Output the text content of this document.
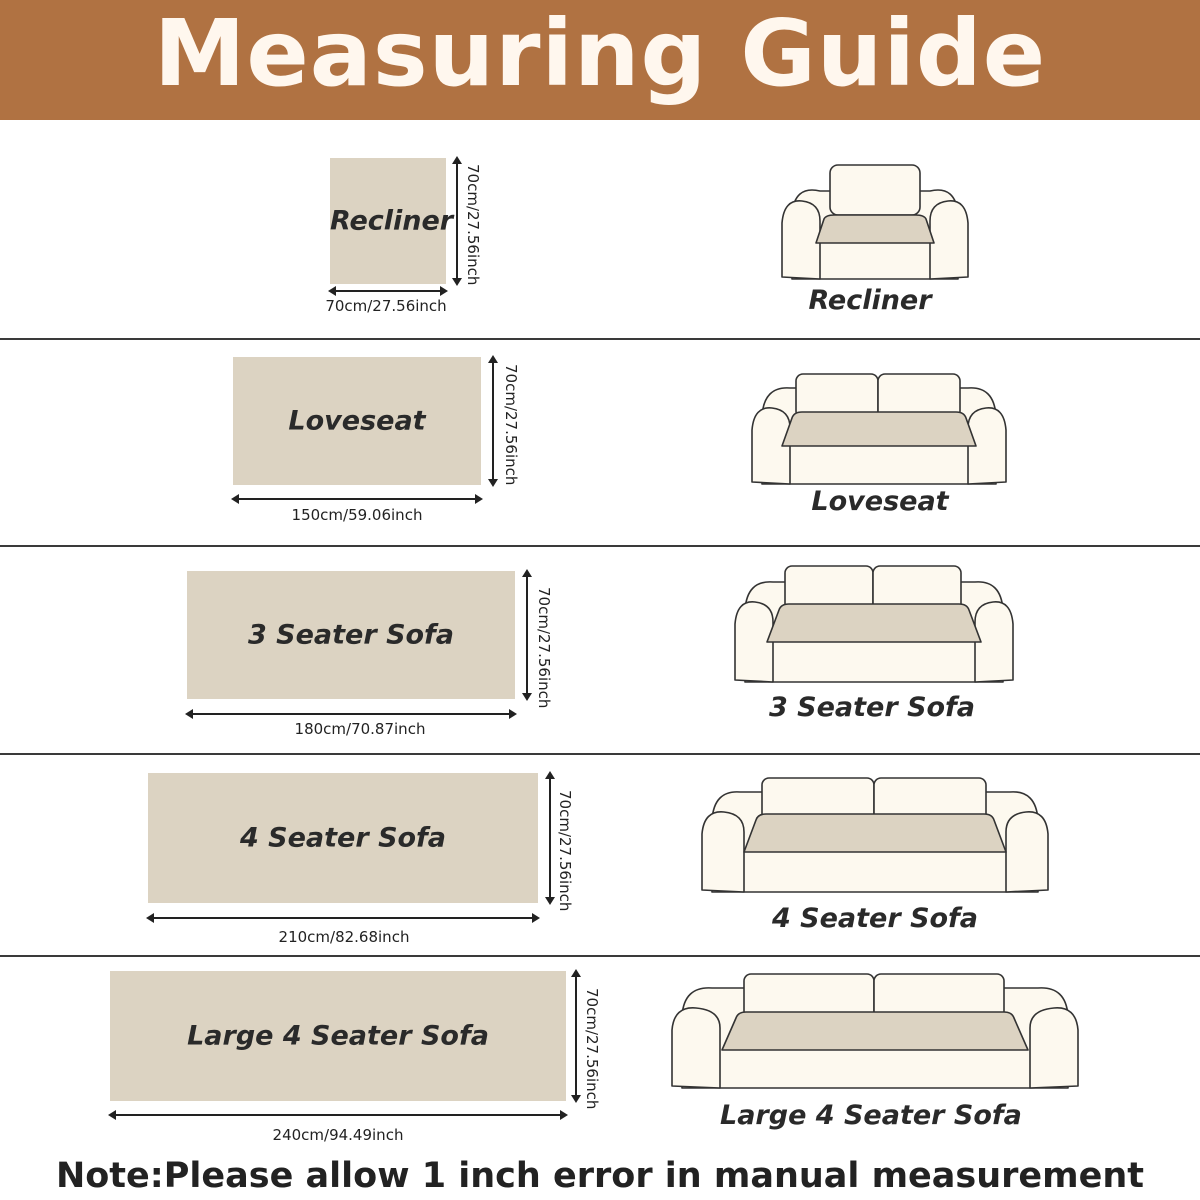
Measuring Guide
Recliner 70cm/27.56inch
70cm/27.56inch	Recliner
Loveseat	70cm/27.56inch
150cm/59.06inch	Loveseat
3 Seater Sofa	70cm/27.56inch
180cm/70.87inch
3 Seater Sofa
4 Seater Sofa	70cm/27.56inch
210cm/82.68inch
4 Seater Sofa
Large 4 Seater Sofa	70cm/27.56inch
240cm/94.49inch
Large 4 Seater Sofa
Note:Please allow 1 inch error in manual measurement
